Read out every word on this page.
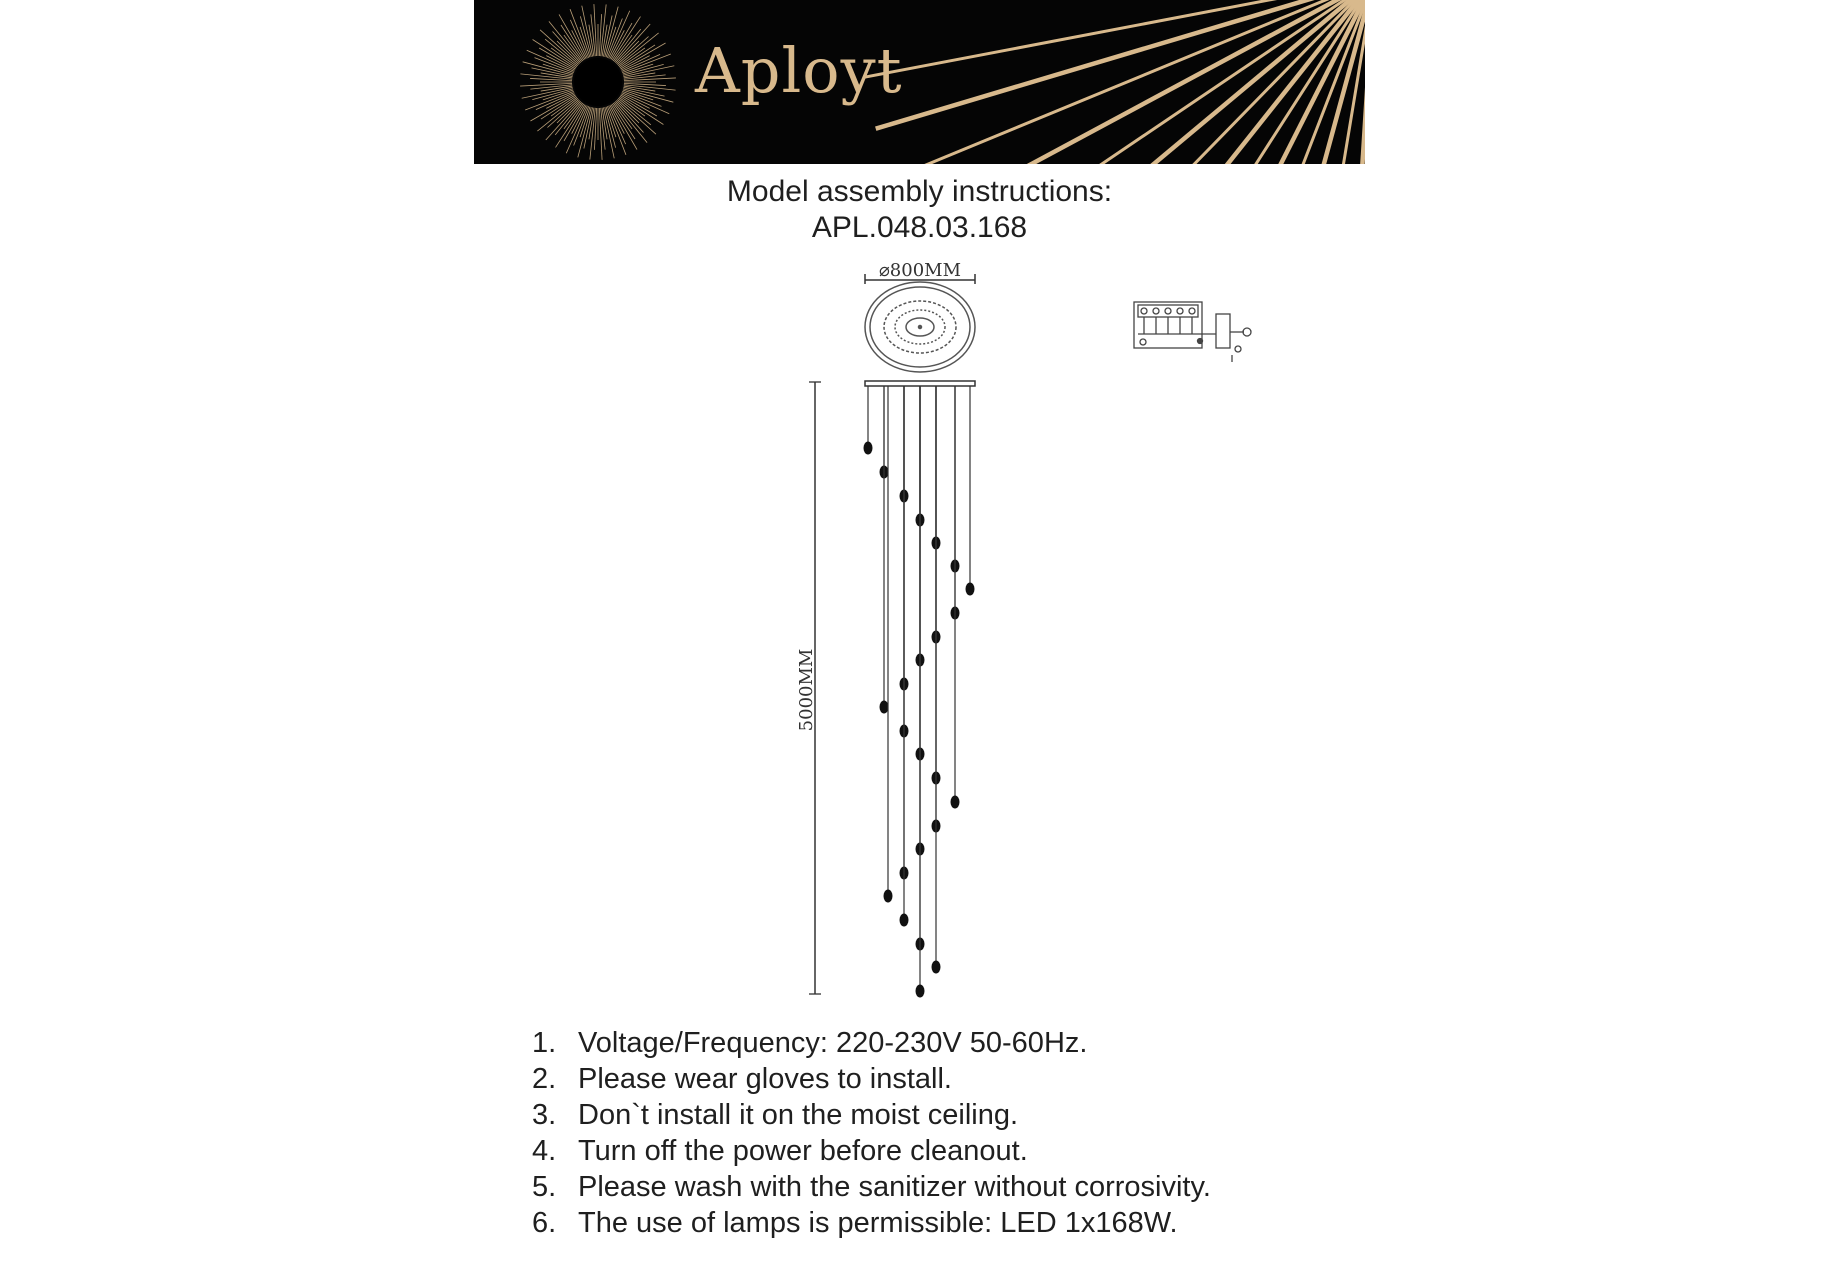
Aployt
Model assembly instructions:
APL.048.03.168
⌀800MM
5000MM
1. Voltage/Frequency: 220-230V 50-60Hz.
2. Please wear gloves to install.
3. Don`t install it on the moist ceiling.
4. Turn off the power before cleanout.
5. Please wash with the sanitizer without corrosivity.
6. The use of lamps is permissible: LED 1x168W.
